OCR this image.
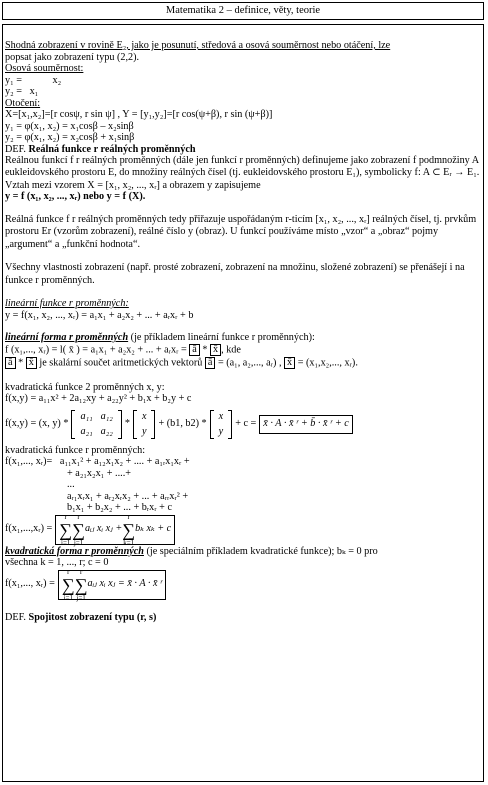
Matematika 2 – definice, věty, teorie
Shodná zobrazení v rovině E₂, jako je posunutí, středová a osová souměrnost nebo otáčení, lze
popsat jako zobrazení typu (2,2).
Osová souměrnost:
y₁ =            x₂
y₂ =   x₁
Otočení:
X=[x₁,x₂]=[r cosψ, r sin ψ] , Y = [y₁,y₂]=[r cos(ψ+β), r sin (ψ+β)]
y₁ = φ(x₁, x₂) = x₁cosβ – x₂sinβ
y₂ = φ(x₁, x₂) = x₂cosβ + x₁sinβ
DEF. Reálná funkce r reálných proměnných
Reálnou funkcí f r reálných proměnných (dále jen funkcí r proměnných) definujeme jako zobrazení f podmnožiny A eukleidovského prostoru E, do množiny reálných čísel (tj. eukleidovského prostoru E₁), symbolicky f: A ⊂ Eᵣ → E₁.
Vztah mezi vzorem X = [x₁, x₂, ..., xᵣ] a obrazem y zapisujeme
y = f (x₁, x₂, ..., xᵣ) nebo y = f (X).
Reálná funkce f r reálných proměnných tedy přiřazuje uspořádaným r-ticím [x₁, x₂, ..., xᵣ] reálných čísel, tj. prvkům prostoru Er (vzorům zobrazení), reálné číslo y (obraz). U funkcí používáme místo „vzor“ a „obraz“ pojmy „argument“ a „funkční hodnota“.
Všechny vlastnosti zobrazení (např. prosté zobrazení, zobrazení na množinu, složené zobrazení) se přenášejí i na funkce r proměnných.
lineární funkce r proměnných:
y = f(x₁, x₂, ..., xᵣ) = a₁x₁ + a₂x₂ + ... + aᵣxᵣ + b
lineární forma r proměnných (je příkladem lineární funkce r proměnných):
f (x₁,..., xᵣ) = l( x̄ ) = a₁x₁ + a₂x₂ + ... + aᵣxᵣ = ā * x̄ , kde
ā * x̄ je skalární součet aritmetických vektorů ā = (a₁, a₂,..., aᵣ) , x̄ = (x₁,x₂,..., xᵣ).
kvadratická funkce 2 proměnných x, y:
f(x,y) = a₁₁x² + 2a₁₂xy + a₂₂y² + b₁x + b₂y + c
f(x,y) = (x, y) *
a₁₁	a₁₂
a₂₁	a₂₂
*
x
y
+ (b1, b2) *
x
y
+ c = x̄ · A · x̄ ʳ + b̄ · x̄ ʳ + c
kvadratická funkce r proměnných:
f(x₁,..., xᵣ)=   a₁₁x₁² + a₁₂x₁x₂ + .... + a₁ᵣx₁xᵣ +
+ a₂₁x₂x₁ + ....+
...
aᵣ₁xᵣx₁ + aᵣ₂xᵣx₂ + ... + aᵣᵣxᵣ² +
b₁x₁ + b₂x₂ + ... + bᵣxᵣ + c
f(x₁,...,xᵣ) =
r
∑
i=1
r
∑
j=1
aᵢⱼ xᵢ xⱼ +
r
∑
k=1
bₖ xₖ + c
kvadratická forma r proměnných (je speciálním příkladem kvadratické funkce); bₖ = 0 pro
všechna k = 1, ..., r; c = 0
f(x₁,..., xᵣ) =
r
∑
i=1
r
∑
j=1
aᵢⱼ xᵢ xⱼ = x̄ · A · x̄ ʳ
DEF. Spojitost zobrazení typu (r, s)
